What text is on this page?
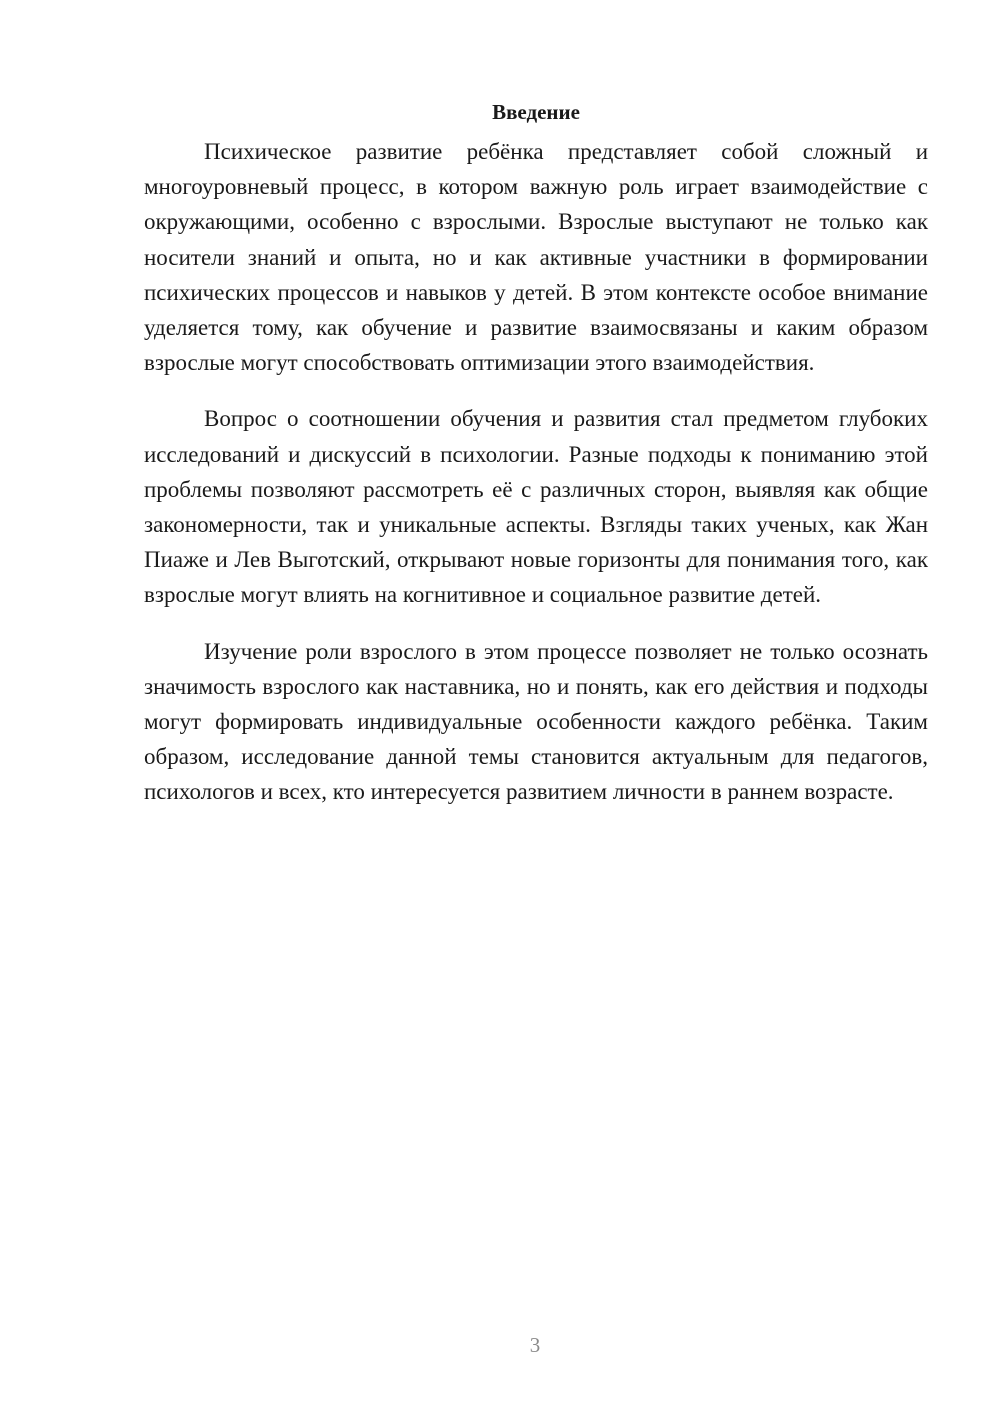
Введение

Психическое развитие ребёнка представляет собой сложный и многоуровневый процесс, в котором важную роль играет взаимодействие с окружающими, особенно с взрослыми. Взрослые выступают не только как носители знаний и опыта, но и как активные участники в формировании психических процессов и навыков у детей. В этом контексте особое внимание уделяется тому, как обучение и развитие взаимосвязаны и каким образом взрослые могут способствовать оптимизации этого взаимодействия.

Вопрос о соотношении обучения и развития стал предметом глубоких исследований и дискуссий в психологии. Разные подходы к пониманию этой проблемы позволяют рассмотреть её с различных сторон, выявляя как общие закономерности, так и уникальные аспекты. Взгляды таких ученых, как Жан Пиаже и Лев Выготский, открывают новые горизонты для понимания того, как взрослые могут влиять на когнитивное и социальное развитие детей.

Изучение роли взрослого в этом процессе позволяет не только осознать значимость взрослого как наставника, но и понять, как его действия и подходы могут формировать индивидуальные особенности каждого ребёнка. Таким образом, исследование данной темы становится актуальным для педагогов, психологов и всех, кто интересуется развитием личности в раннем возрасте.

3
